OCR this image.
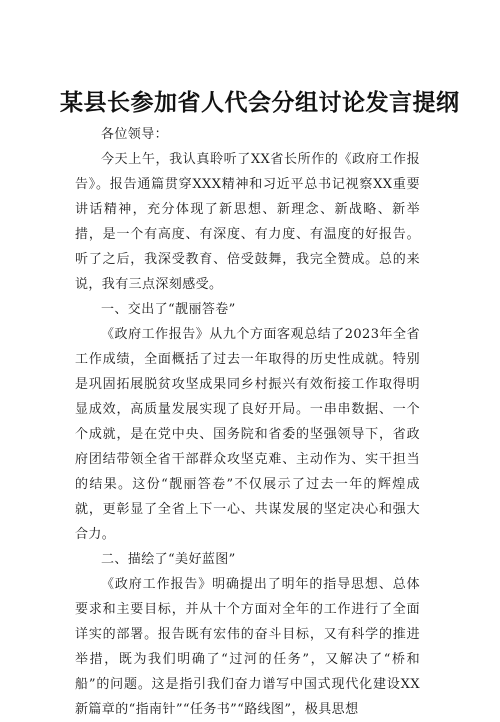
某县长参加省人代会分组讨论发言提纲

各位领导：

今天上午，我认真聆听了XX省长所作的《政府工作报告》。报告通篇贯穿XXX精神和习近平总书记视察XX重要讲话精神，充分体现了新思想、新理念、新战略、新举措，是一个有高度、有深度、有力度、有温度的好报告。听了之后，我深受教育、倍受鼓舞，我完全赞成。总的来说，我有三点深刻感受。

一、交出了“靓丽答卷”

《政府工作报告》从九个方面客观总结了2023年全省工作成绩，全面概括了过去一年取得的历史性成就。特别是巩固拓展脱贫攻坚成果同乡村振兴有效衔接工作取得明显成效，高质量发展实现了良好开局。一串串数据、一个个成就，是在党中央、国务院和省委的坚强领导下，省政府团结带领全省干部群众攻坚克难、主动作为、实干担当的结果。这份“靓丽答卷”不仅展示了过去一年的辉煌成就，更彰显了全省上下一心、共谋发展的坚定决心和强大合力。

二、描绘了“美好蓝图”

《政府工作报告》明确提出了明年的指导思想、总体要求和主要目标，并从十个方面对全年的工作进行了全面详实的部署。报告既有宏伟的奋斗目标，又有科学的推进举措，既为我们明确了“过河的任务”，又解决了“桥和船”的问题。这是指引我们奋力谱写中国式现代化建设XX新篇章的“指南针”“任务书”“路线图”，极具思想
